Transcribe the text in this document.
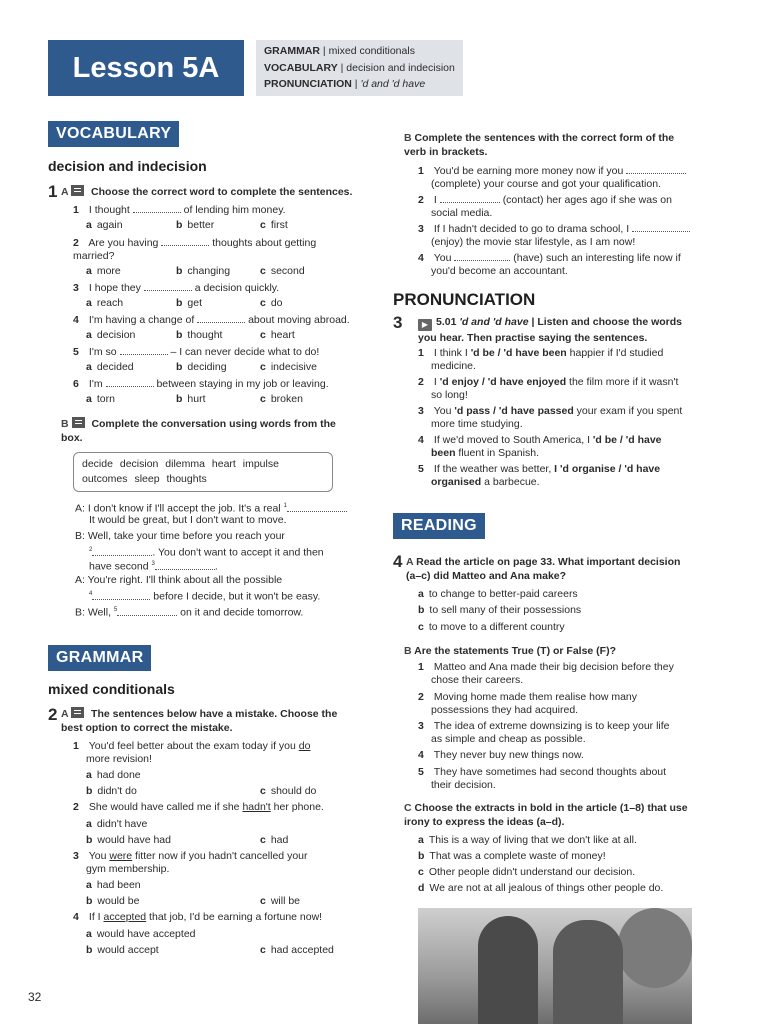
Lesson 5A
GRAMMAR | mixed conditionals
VOCABULARY | decision and indecision
PRONUNCIATION | 'd and 'd have
VOCABULARY
decision and indecision
1 A Choose the correct word to complete the sentences.
1 I thought	of lending him money.
a again	b better	c first
2 Are you having	thoughts about getting married?
a more	b changing	c second
3 I hope they	a decision quickly.
a reach	b get	c do
4 I'm having a change of	about moving abroad.
a decision	b thought	c heart
5 I'm so	– I can never decide what to do!
a decided	b deciding	c indecisive
6 I'm	between staying in my job or leaving.
a torn	b hurt	c broken
B Complete the conversation using words from the box.
decide decision dilemma heart impulse
outcomes sleep thoughts
A: I don't know if I'll accept the job. It's a real $^1$
It would be great, but I don't want to move.
B: Well, take your time before you reach your
$^2$	. You don't want to accept it and then
have second $^3$	.
A: You're right. I'll think about all the possible
$^4$	before I decide, but it won't be easy.
B: Well, $^5$	on it and decide tomorrow.
GRAMMAR
mixed conditionals
2 A The sentences below have a mistake. Choose the best option to correct the mistake.
1 You'd feel better about the exam today if you do
more revision!
a had done
b didn't do	c should do
2 She would have called me if she hadn't her phone.
a didn't have
b would have had	c had
3 You were fitter now if you hadn't cancelled your
gym membership.
a had been
b would be	c will be
4 If I accepted that job, I'd be earning a fortune now!
a would have accepted
b would accept	c had accepted
32
B Complete the sentences with the correct form of the
verb in brackets.
1 You'd be earning more money now if you
(complete) your course and got your qualification.
2 I	(contact) her ages ago if she was on
social media.
3 If I hadn't decided to go to drama school, I
(enjoy) the movie star lifestyle, as I am now!
4 You	(have) such an interesting life now if
you'd become an accountant.
PRONUNCIATION
3	▶ 5.01 'd and 'd have | Listen and choose the words
you hear. Then practise saying the sentences.
1 I think I 'd be / 'd have been happier if I'd studied
medicine.
2 I 'd enjoy / 'd have enjoyed the film more if it wasn't
so long!
3 You 'd pass / 'd have passed your exam if you spent
more time studying.
4 If we'd moved to South America, I 'd be / 'd have
been fluent in Spanish.
5 If the weather was better, I 'd organise / 'd have
organised a barbecue.
READING
4 A Read the article on page 33. What important decision
(a–c) did Matteo and Ana make?
a to change to better-paid careers
b to sell many of their possessions
c to move to a different country
B Are the statements True (T) or False (F)?
1 Matteo and Ana made their big decision before they
chose their careers.
2 Moving home made them realise how many
possessions they had acquired.
3 The idea of extreme downsizing is to keep your life
as simple and cheap as possible.
4 They never buy new things now.
5 They have sometimes had second thoughts about
their decision.
C Choose the extracts in bold in the article (1–8) that use
irony to express the ideas (a–d).
a This is a way of living that we don't like at all.
b That was a complete waste of money!
c Other people didn't understand our decision.
d We are not at all jealous of things other people do.
